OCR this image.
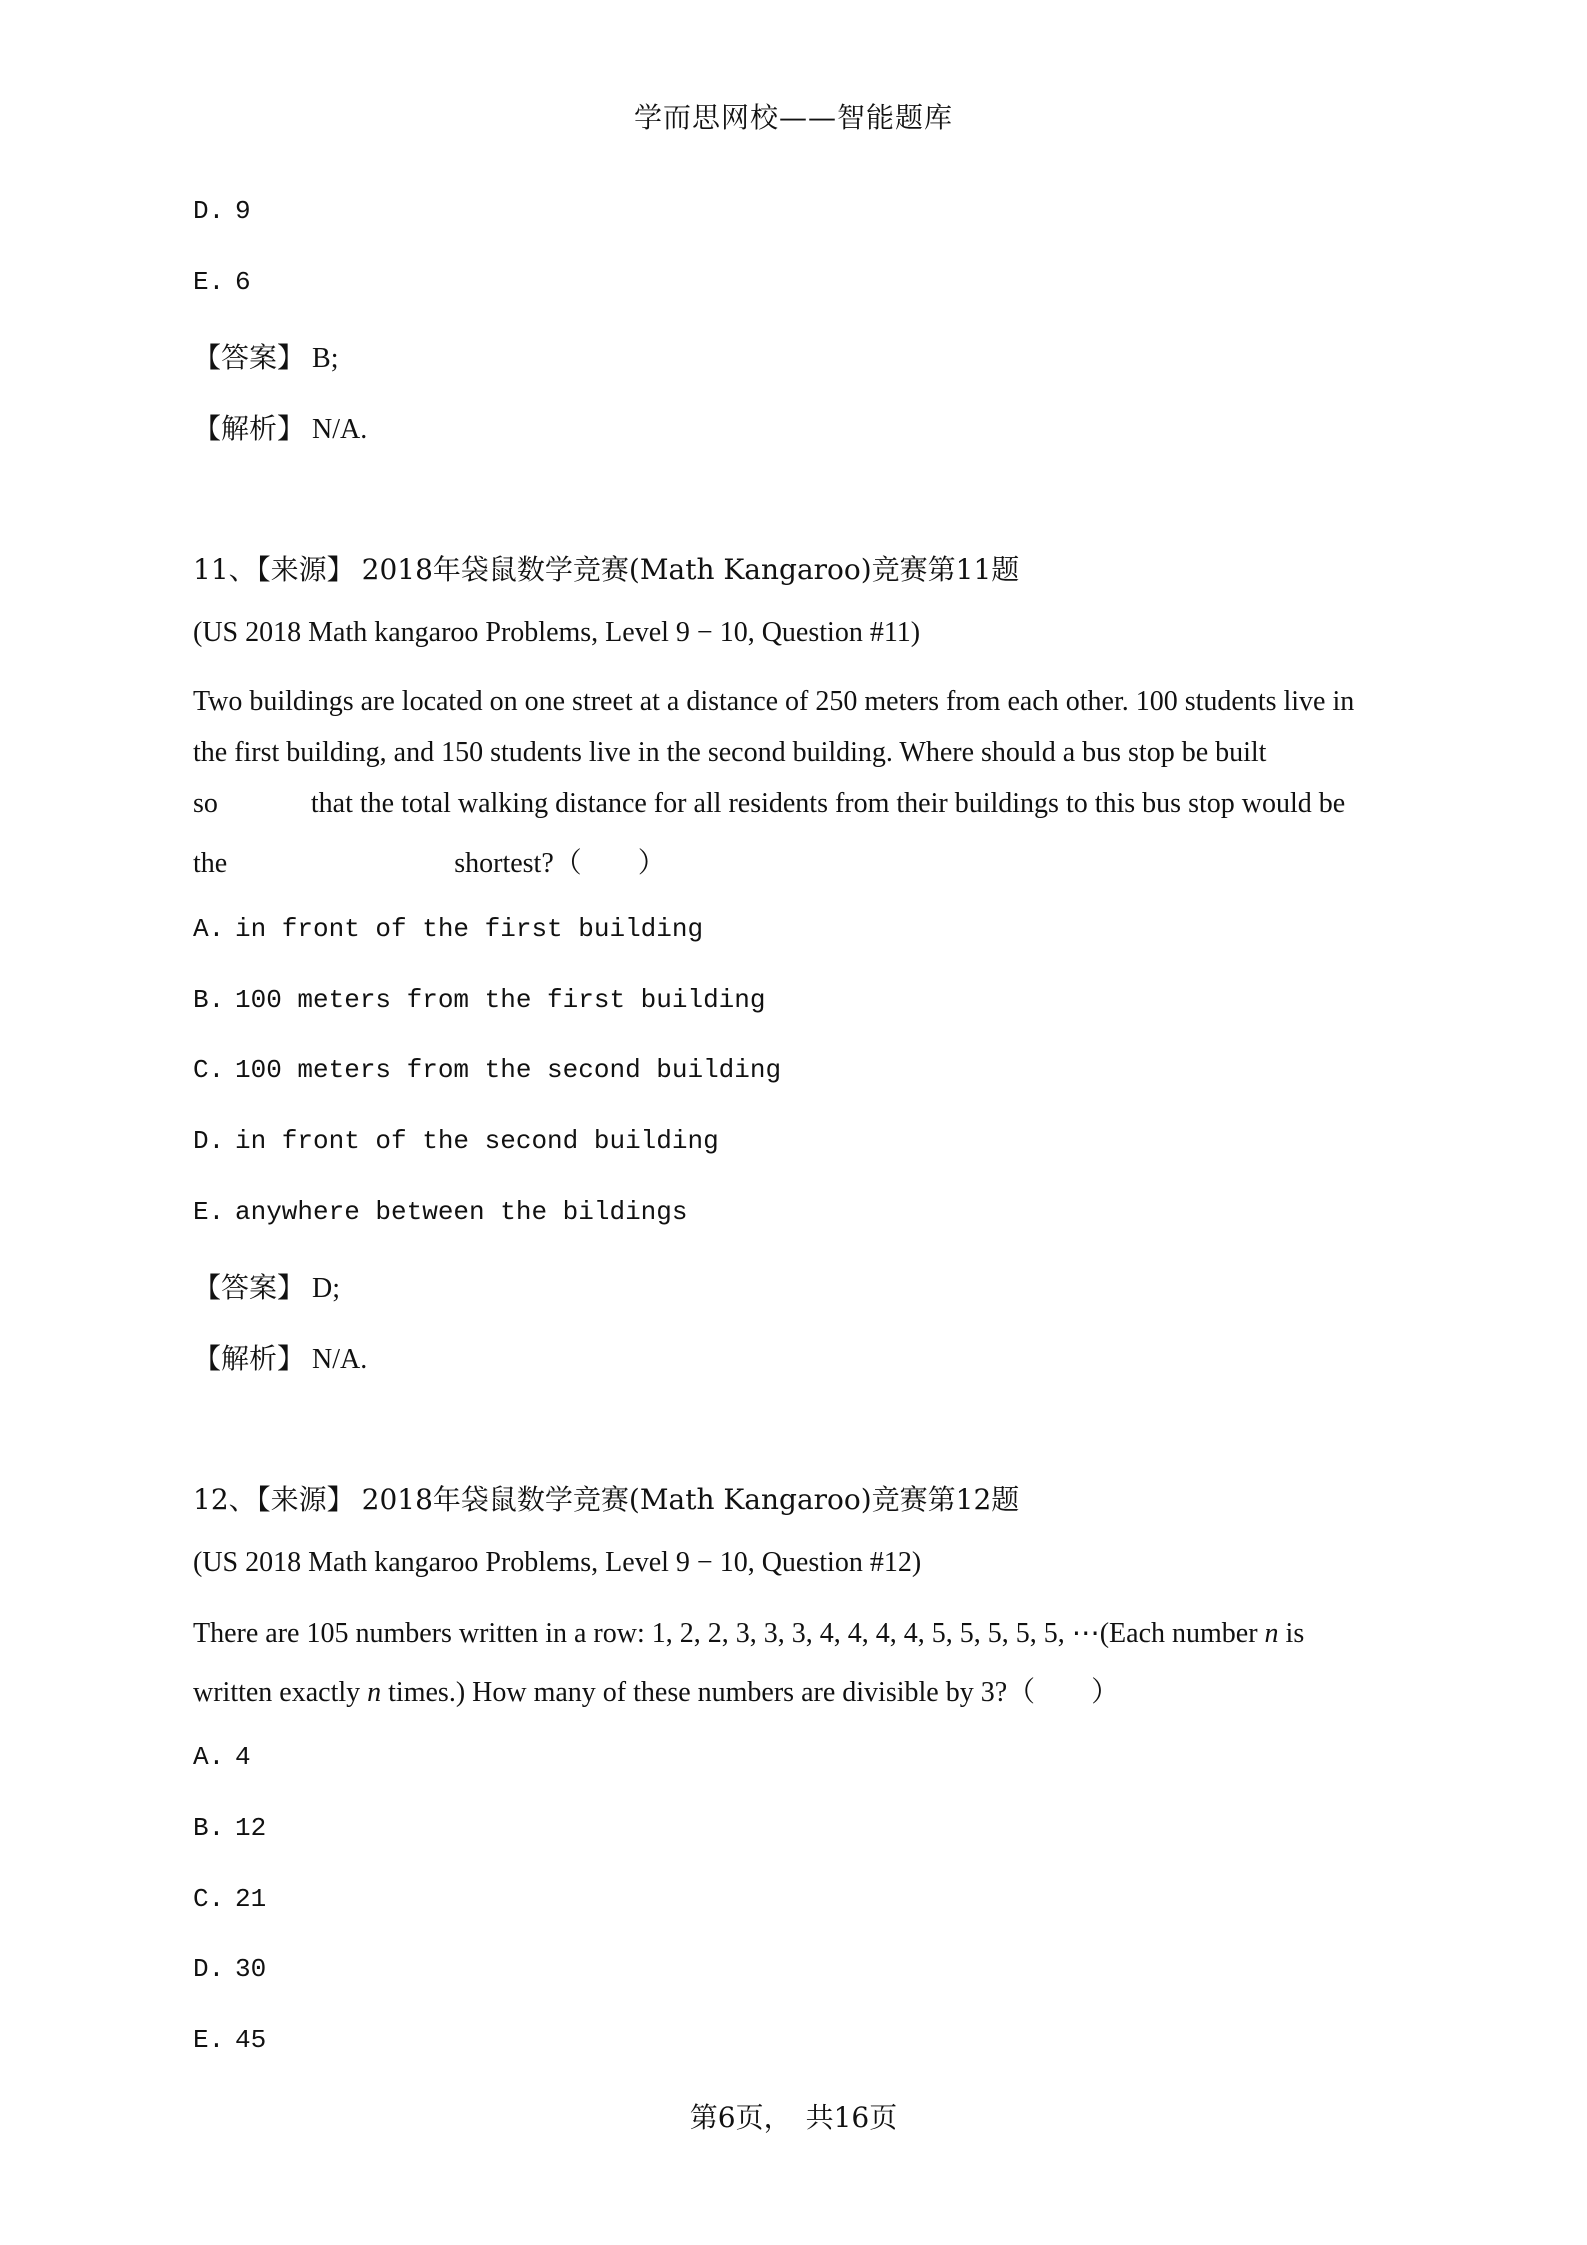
学而思网校——智能题库
D. 9
E. 6
【答案】 B;
【解析】 N/A.
11、【来源】 2018年袋鼠数学竞赛(Math Kangaroo)竞赛第11题
(US 2018 Math kangaroo Problems, Level 9 − 10, Question #11)
Two buildings are located on one street at a distance of 250 meters from each other. 100 students live in
the first building, and 150 students live in the second building. Where should a bus stop be built
so	that the total walking distance for all residents from their buildings to this bus stop would be
the	shortest?（　　）
A. in front of the first building
B. 100 meters from the first building
C. 100 meters from the second building
D. in front of the second building
E. anywhere between the bildings
【答案】 D;
【解析】 N/A.
12、【来源】 2018年袋鼠数学竞赛(Math Kangaroo)竞赛第12题
(US 2018 Math kangaroo Problems, Level 9 − 10, Question #12)
There are 105 numbers written in a row: 1, 2, 2, 3, 3, 3, 4, 4, 4, 4, 5, 5, 5, 5, 5, ⋯(Each number n is
written exactly n times.) How many of these numbers are divisible by 3?（　　）
A. 4
B. 12
C. 21
D. 30
E. 45
第6页，　共16页
